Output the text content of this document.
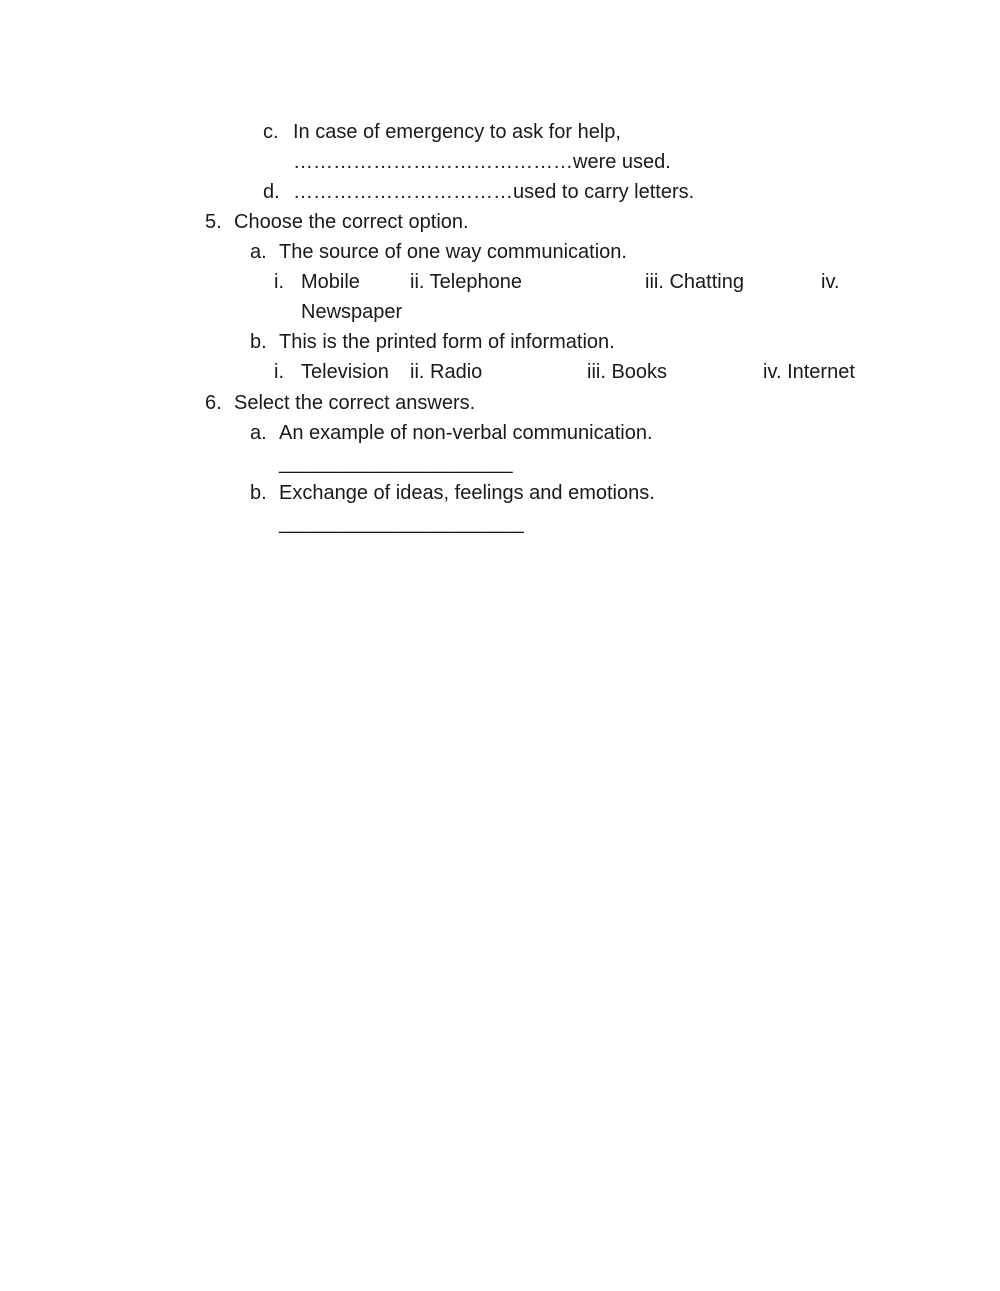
c. In case of emergency to ask for help,
……………………………………were used.
d. ……………………………used to carry letters.
5. Choose the correct option.
a. The source of one way communication.
i. Mobile	ii. Telephone	iii. Chatting	iv.
Newspaper
b. This is the printed form of information.
i. Television ii. Radio	iii. Books	iv. Internet
6. Select the correct answers.
a. An example of non-verbal communication.
_____________________
b. Exchange of ideas, feelings and emotions.
______________________
